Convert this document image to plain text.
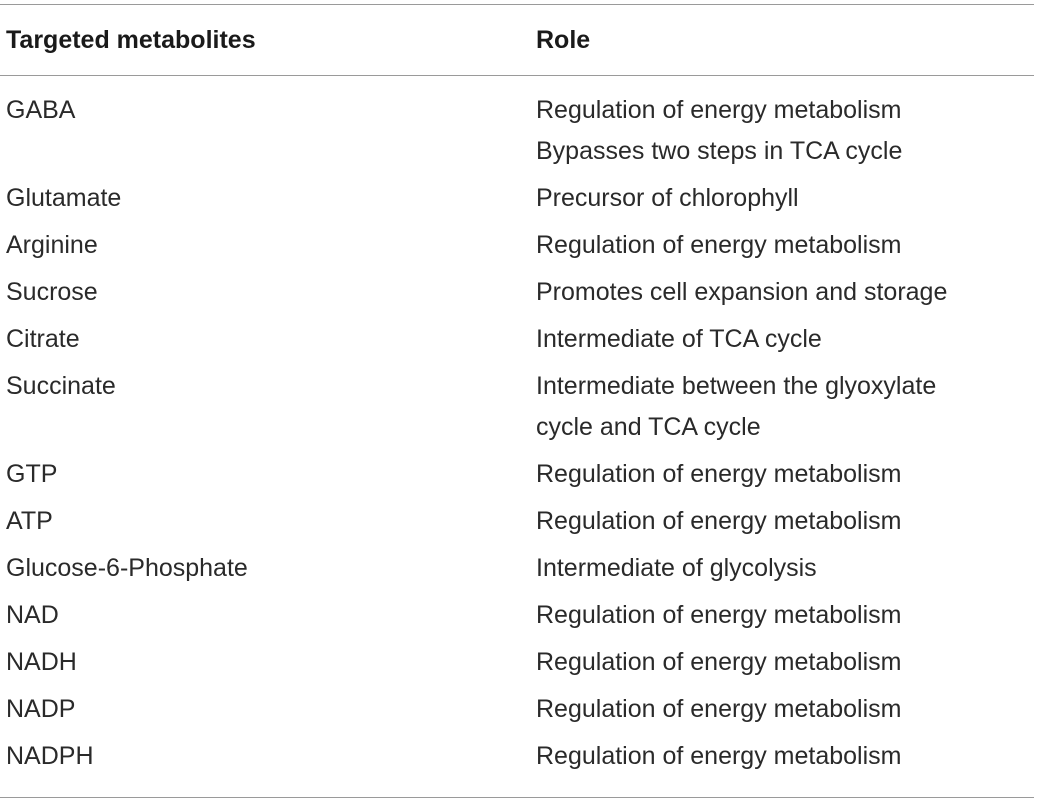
Targeted metabolites	Role
GABA	Regulation of energy metabolism
Bypasses two steps in TCA cycle
Glutamate	Precursor of chlorophyll
Arginine	Regulation of energy metabolism
Sucrose	Promotes cell expansion and storage
Citrate	Intermediate of TCA cycle
Succinate	Intermediate between the glyoxylate
cycle and TCA cycle
GTP	Regulation of energy metabolism
ATP	Regulation of energy metabolism
Glucose-6-Phosphate	Intermediate of glycolysis
NAD	Regulation of energy metabolism
NADH	Regulation of energy metabolism
NADP	Regulation of energy metabolism
NADPH	Regulation of energy metabolism
